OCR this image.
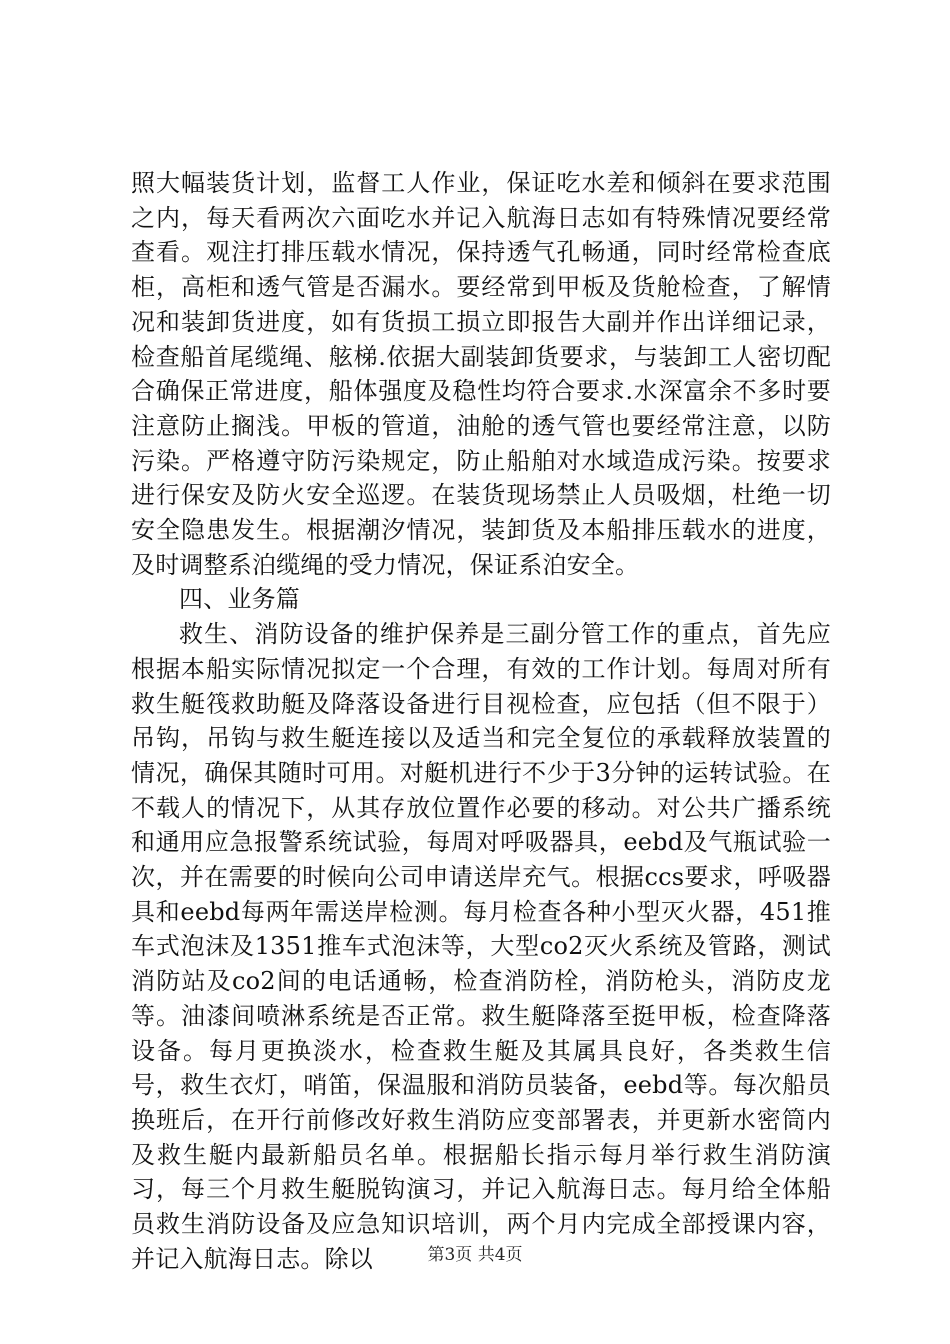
照大幅装货计划，监督工人作业，保证吃水差和倾斜在要求范围之内，每天看两次六面吃水并记入航海日志如有特殊情况要经常查看。观注打排压载水情况，保持透气孔畅通，同时经常检查底柜，高柜和透气管是否漏水。要经常到甲板及货舱检查，了解情况和装卸货进度，如有货损工损立即报告大副并作出详细记录，检查船首尾缆绳、舷梯.依据大副装卸货要求，与装卸工人密切配合确保正常进度，船体强度及稳性均符合要求.水深富余不多时要注意防止搁浅。甲板的管道，油舱的透气管也要经常注意，以防污染。严格遵守防污染规定，防止船舶对水域造成污染。按要求进行保安及防火安全巡逻。在装货现场禁止人员吸烟，杜绝一切安全隐患发生。根据潮汐情况，装卸货及本船排压载水的进度，及时调整系泊缆绳的受力情况，保证系泊安全。

四、业务篇

救生、消防设备的维护保养是三副分管工作的重点，首先应根据本船实际情况拟定一个合理，有效的工作计划。每周对所有救生艇筏救助艇及降落设备进行目视检查，应包括（但不限于）吊钩，吊钩与救生艇连接以及适当和完全复位的承载释放装置的情况，确保其随时可用。对艇机进行不少于3分钟的运转试验。在不载人的情况下，从其存放位置作必要的移动。对公共广播系统和通用应急报警系统试验，每周对呼吸器具，eebd及气瓶试验一次，并在需要的时候向公司申请送岸充气。根据ccs要求，呼吸器具和eebd每两年需送岸检测。每月检查各种小型灭火器，451推车式泡沫及1351推车式泡沫等，大型co2灭火系统及管路，测试消防站及co2间的电话通畅，检查消防栓，消防枪头，消防皮龙等。油漆间喷淋系统是否正常。救生艇降落至挺甲板，检查降落设备。每月更换淡水，检查救生艇及其属具良好，各类救生信号，救生衣灯，哨笛，保温服和消防员装备，eebd等。每次船员换班后，在开行前修改好救生消防应变部署表，并更新水密筒内及救生艇内最新船员名单。根据船长指示每月举行救生消防演习，每三个月救生艇脱钩演习，并记入航海日志。每月给全体船员救生消防设备及应急知识培训，两个月内完成全部授课内容，并记入航海日志。除以	第3页 共4页
